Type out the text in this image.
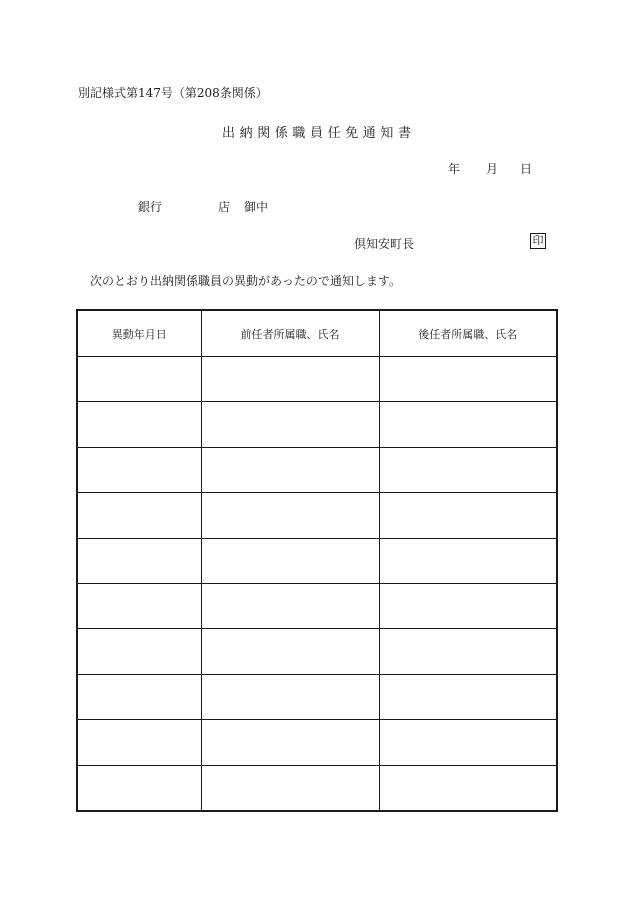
別記様式第147号（第208条関係）
出納関係職員任免通知書
年 月 日
銀行	店 御中
倶知安町長	印
次のとおり出納関係職員の異動があったので通知します。
異動年月日	前任者所属職、氏名	後任者所属職、氏名
